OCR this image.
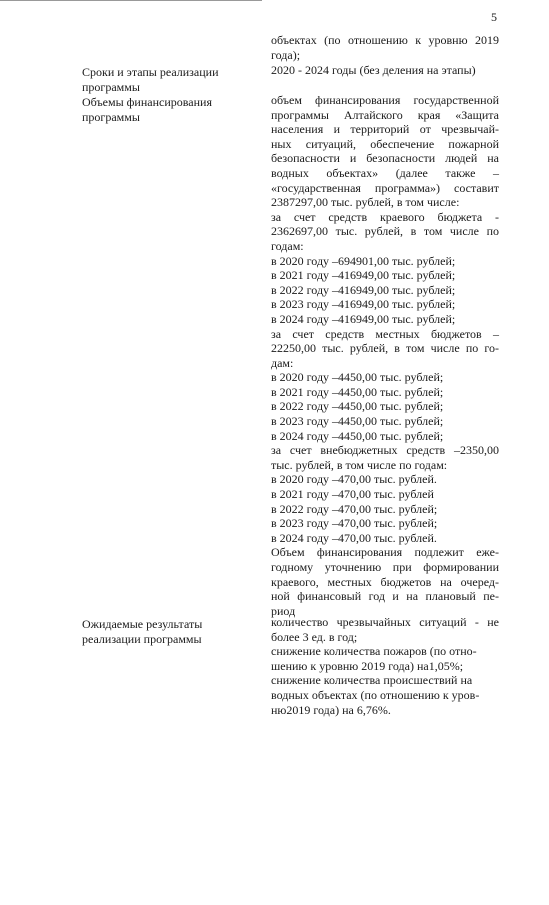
5
объектах (по отношению к уровню 2019
года);
Сроки и этапы реализации
программы
2020 - 2024 годы (без деления на этапы)
Объемы финансирования
программы
объем финансирования государственной
программы Алтайского края «Защита
населения и территорий от чрезвычай-
ных ситуаций, обеспечение пожарной
безопасности и безопасности людей на
водных объектах» (далее также –
«государственная программа») составит
2387297,00 тыс. рублей, в том числе:
за счет средств краевого бюджета -
2362697,00 тыс. рублей, в том числе по
годам:
в 2020 году –694901,00 тыс. рублей;
в 2021 году –416949,00 тыс. рублей;
в 2022 году –416949,00 тыс. рублей;
в 2023 году –416949,00 тыс. рублей;
в 2024 году –416949,00 тыс. рублей;
за счет средств местных бюджетов –
22250,00 тыс. рублей, в том числе по го-
дам:
в 2020 году –4450,00 тыс. рублей;
в 2021 году –4450,00 тыс. рублей;
в 2022 году –4450,00 тыс. рублей;
в 2023 году –4450,00 тыс. рублей;
в 2024 году –4450,00 тыс. рублей;
за счет внебюджетных средств –2350,00
тыс. рублей, в том числе по годам:
в 2020 году –470,00 тыс. рублей.
в 2021 году –470,00 тыс. рублей
в 2022 году –470,00 тыс. рублей;
в 2023 году –470,00 тыс. рублей;
в 2024 году –470,00 тыс. рублей.
Объем финансирования подлежит еже-
годному уточнению при формировании
краевого, местных бюджетов на очеред-
ной финансовый год и на плановый пе-
риод
Ожидаемые результаты
реализации программы
количество чрезвычайных ситуаций - не
более 3 ед. в год;
снижение количества пожаров (по отно-
шению к уровню 2019 года) на1,05%;
снижение количества происшествий на
водных объектах (по отношению к уров-
ню2019 года) на 6,76%.
